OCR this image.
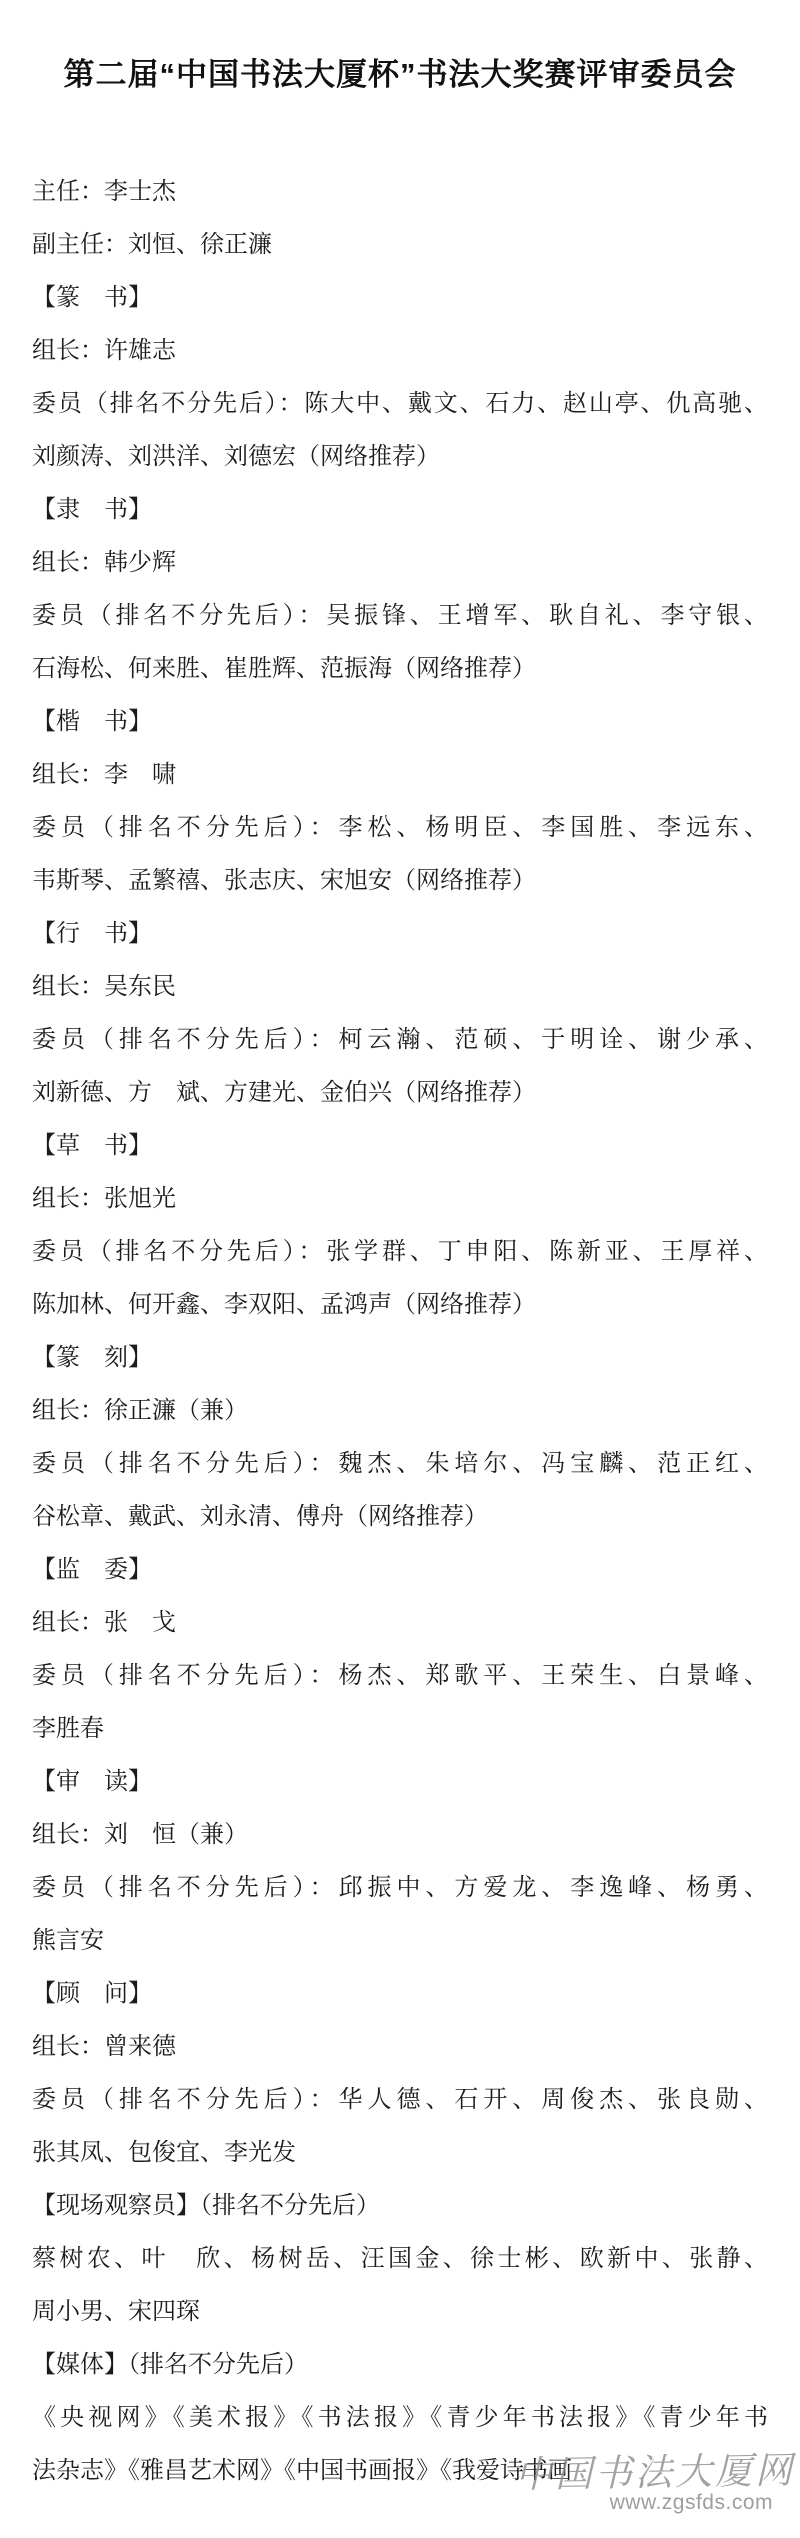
第二届“中国书法大厦杯”书法大奖赛评审委员会

主任：李士杰

副主任：刘恒、徐正濂

【篆　书】

组长：许雄志

委员（排名不分先后）：陈大中、戴文、石力、赵山亭、仇高驰、

刘颜涛、刘洪洋、刘德宏（网络推荐）

【隶　书】

组长：韩少辉

委员（排名不分先后）：吴振锋、王增军、耿自礼、李守银、

石海松、何来胜、崔胜辉、范振海（网络推荐）

【楷　书】

组长：李　啸

委员（排名不分先后）：李松、杨明臣、李国胜、李远东、

韦斯琴、孟繁禧、张志庆、宋旭安（网络推荐）

【行　书】

组长：吴东民

委员（排名不分先后）：柯云瀚、范硕、于明诠、谢少承、

刘新德、方　斌、方建光、金伯兴（网络推荐）

【草　书】

组长：张旭光

委员（排名不分先后）：张学群、丁申阳、陈新亚、王厚祥、

陈加林、何开鑫、李双阳、孟鸿声（网络推荐）

【篆　刻】

组长：徐正濂（兼）

委员（排名不分先后）：魏杰、朱培尔、冯宝麟、范正红、

谷松章、戴武、刘永清、傅舟（网络推荐）

【监　委】

组长：张　戈

委员（排名不分先后）：杨杰、郑歌平、王荣生、白景峰、

李胜春

【审　读】

组长：刘　恒（兼）

委员（排名不分先后）：邱振中、方爱龙、李逸峰、杨勇、

熊言安

【顾　问】

组长：曾来德

委员（排名不分先后）：华人德、石开、周俊杰、张良勋、

张其凤、包俊宜、李光发

【现场观察员】（排名不分先后）

蔡树农、叶　欣、杨树岳、汪国金、徐士彬、欧新中、张静、

周小男、宋四琛

【媒体】（排名不分先后）

《央视网》《美术报》《书法报》《青少年书法报》《青少年书

法杂志》《雅昌艺术网》《中国书画报》《我爱诗书画

中国书法大厦网
www.zgsfds.com
